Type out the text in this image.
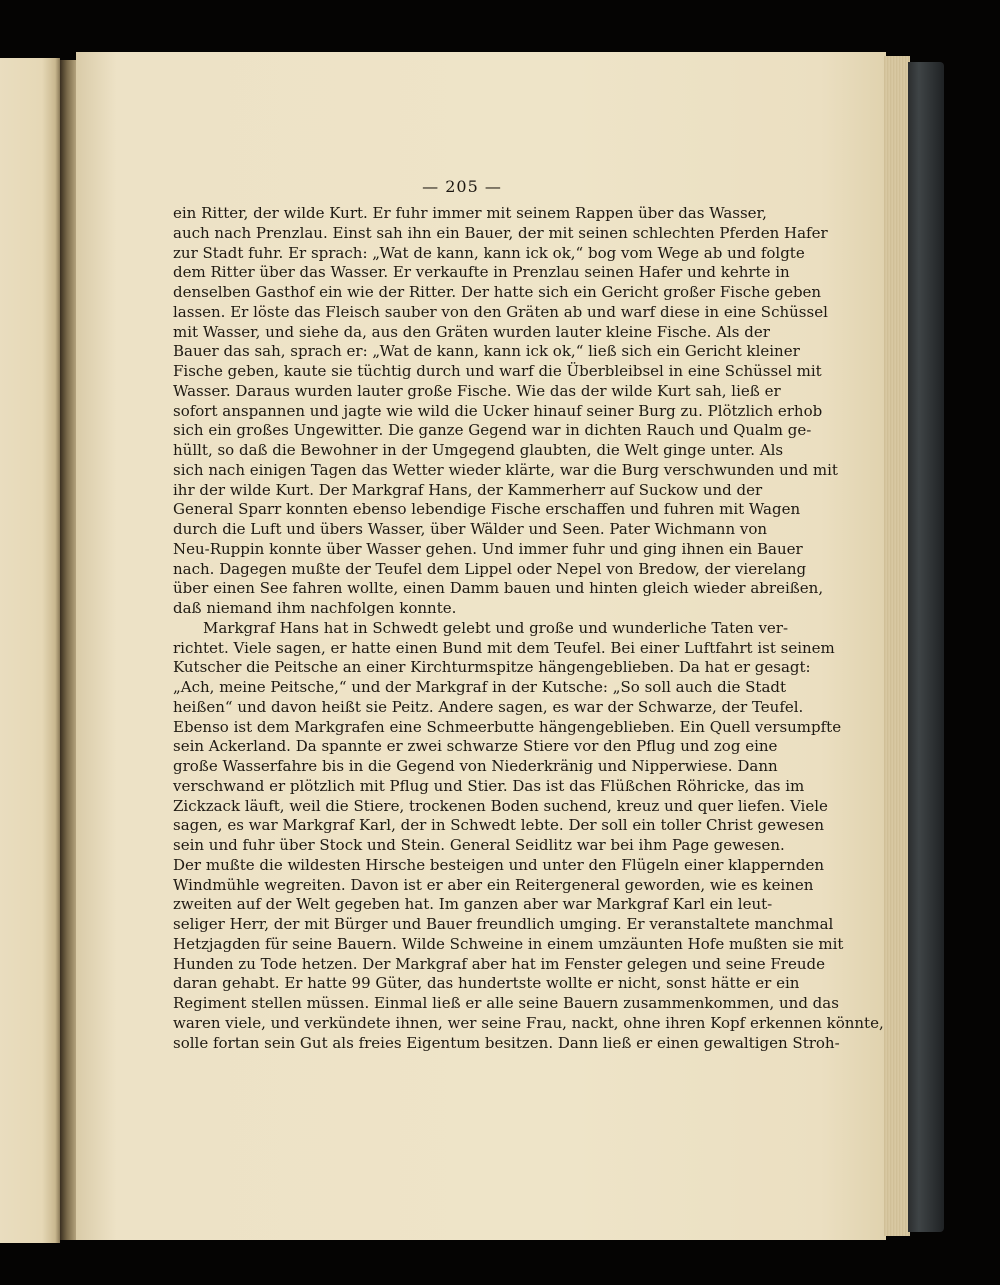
— 205 —
ein Ritter, der wilde Kurt. Er fuhr immer mit seinem Rappen über das Wasser,
auch nach Prenzlau. Einst sah ihn ein Bauer, der mit seinen schlechten Pferden Hafer
zur Stadt fuhr. Er sprach: „Wat de kann, kann ick ok,“ bog vom Wege ab und folgte
dem Ritter über das Wasser. Er verkaufte in Prenzlau seinen Hafer und kehrte in
denselben Gasthof ein wie der Ritter. Der hatte sich ein Gericht großer Fische geben
lassen. Er löste das Fleisch sauber von den Gräten ab und warf diese in eine Schüssel
mit Wasser, und siehe da, aus den Gräten wurden lauter kleine Fische. Als der
Bauer das sah, sprach er: „Wat de kann, kann ick ok,“ ließ sich ein Gericht kleiner
Fische geben, kaute sie tüchtig durch und warf die Überbleibsel in eine Schüssel mit
Wasser. Daraus wurden lauter große Fische. Wie das der wilde Kurt sah, ließ er
sofort anspannen und jagte wie wild die Ucker hinauf seiner Burg zu. Plötzlich erhob
sich ein großes Ungewitter. Die ganze Gegend war in dichten Rauch und Qualm ge-
hüllt, so daß die Bewohner in der Umgegend glaubten, die Welt ginge unter. Als
sich nach einigen Tagen das Wetter wieder klärte, war die Burg verschwunden und mit
ihr der wilde Kurt. Der Markgraf Hans, der Kammerherr auf Suckow und der
General Sparr konnten ebenso lebendige Fische erschaffen und fuhren mit Wagen
durch die Luft und übers Wasser, über Wälder und Seen. Pater Wichmann von
Neu-Ruppin konnte über Wasser gehen. Und immer fuhr und ging ihnen ein Bauer
nach. Dagegen mußte der Teufel dem Lippel oder Nepel von Bredow, der vierelang
über einen See fahren wollte, einen Damm bauen und hinten gleich wieder abreißen,
daß niemand ihm nachfolgen konnte.
Markgraf Hans hat in Schwedt gelebt und große und wunderliche Taten ver-
richtet. Viele sagen, er hatte einen Bund mit dem Teufel. Bei einer Luftfahrt ist seinem
Kutscher die Peitsche an einer Kirchturmspitze hängengeblieben. Da hat er gesagt:
„Ach, meine Peitsche,“ und der Markgraf in der Kutsche: „So soll auch die Stadt
heißen“ und davon heißt sie Peitz. Andere sagen, es war der Schwarze, der Teufel.
Ebenso ist dem Markgrafen eine Schmeerbutte hängengeblieben. Ein Quell versumpfte
sein Ackerland. Da spannte er zwei schwarze Stiere vor den Pflug und zog eine
große Wasserfahre bis in die Gegend von Niederkränig und Nipperwiese. Dann
verschwand er plötzlich mit Pflug und Stier. Das ist das Flüßchen Röhricke, das im
Zickzack läuft, weil die Stiere, trockenen Boden suchend, kreuz und quer liefen. Viele
sagen, es war Markgraf Karl, der in Schwedt lebte. Der soll ein toller Christ gewesen
sein und fuhr über Stock und Stein. General Seidlitz war bei ihm Page gewesen.
Der mußte die wildesten Hirsche besteigen und unter den Flügeln einer klappernden
Windmühle wegreiten. Davon ist er aber ein Reitergeneral geworden, wie es keinen
zweiten auf der Welt gegeben hat. Im ganzen aber war Markgraf Karl ein leut-
seliger Herr, der mit Bürger und Bauer freundlich umging. Er veranstaltete manchmal
Hetzjagden für seine Bauern. Wilde Schweine in einem umzäunten Hofe mußten sie mit
Hunden zu Tode hetzen. Der Markgraf aber hat im Fenster gelegen und seine Freude
daran gehabt. Er hatte 99 Güter, das hundertste wollte er nicht, sonst hätte er ein
Regiment stellen müssen. Einmal ließ er alle seine Bauern zusammenkommen, und das
waren viele, und verkündete ihnen, wer seine Frau, nackt, ohne ihren Kopf erkennen könnte,
solle fortan sein Gut als freies Eigentum besitzen. Dann ließ er einen gewaltigen Stroh-
